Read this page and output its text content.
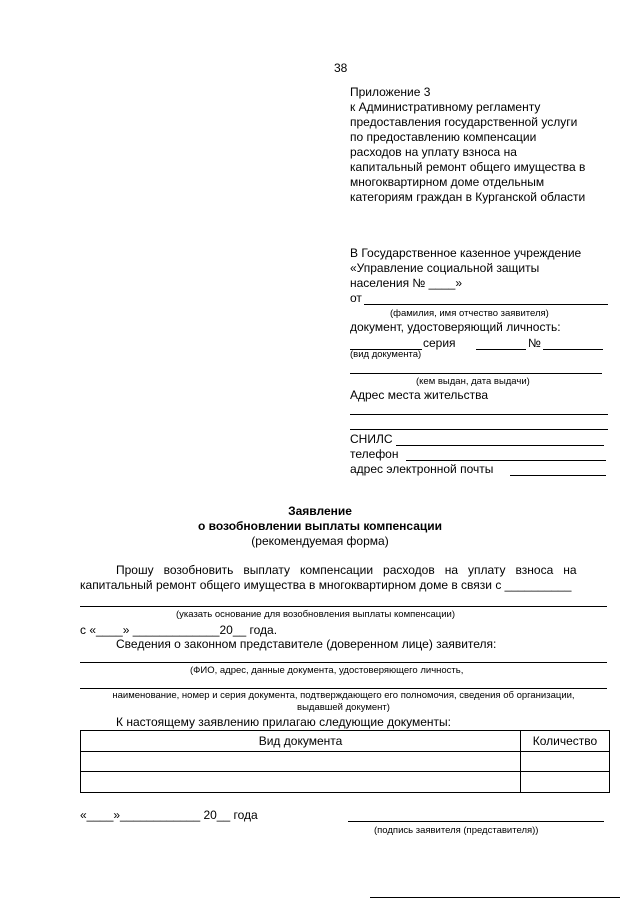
38
Приложение 3
к Административному регламенту
предоставления государственной услуги
по предоставлению компенсации
расходов на уплату взноса на
капитальный ремонт общего имущества в
многоквартирном доме отдельным
категориям граждан в Курганской области
В Государственное казенное учреждение
«Управление социальной защиты
населения № ____»
от
(фамилия, имя отчество заявителя)
документ, удостоверяющий личность:
серия	№
(вид документа)
(кем выдан, дата выдачи)
Адрес места жительства
СНИЛС
телефон
адрес электронной почты
Заявление
о возобновлении выплаты компенсации
(рекомендуемая форма)
Прошу   возобновить   выплату   компенсации   расходов   на   уплату   взноса   на
капитальный ремонт общего имущества в многоквартирном доме в связи с __________
(указать основание для возобновления выплаты компенсации)
с «____» _____________20__ года.
Сведения о законном представителе (доверенном лице) заявителя:
(ФИО, адрес, данные документа, удостоверяющего личность,
наименование, номер и серия документа, подтверждающего его полномочия, сведения об организации,
выдавшей документ)
К настоящему заявлению прилагаю следующие документы:
Вид документа	Количество

«____»____________ 20__ года
(подпись заявителя (представителя))
